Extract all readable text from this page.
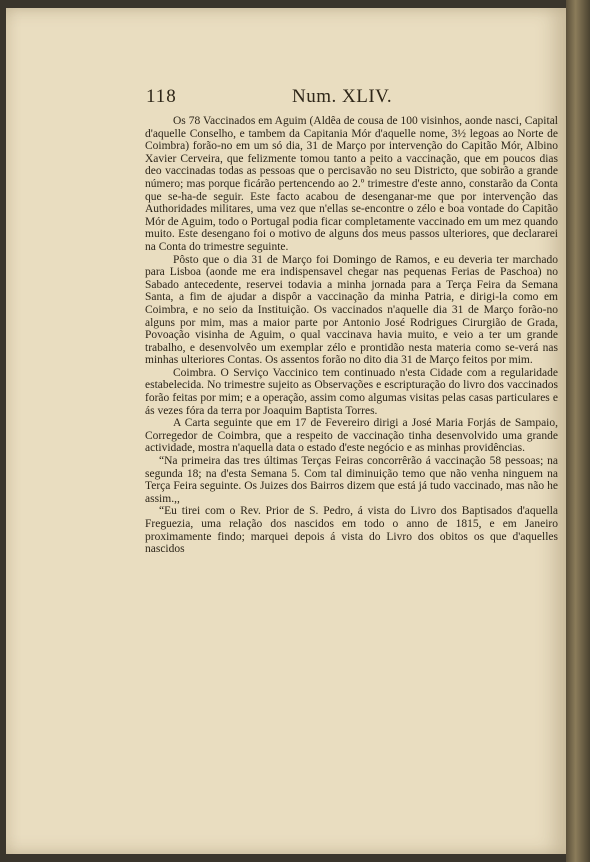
118	Num. XLIV.

Os 78 Vaccinados em Aguim (Aldêa de cousa de 100 visinhos, aonde nasci, Capital d'aquelle Conselho, e tambem da Capitania Mór d'aquelle nome, 3½ legoas ao Norte de Coimbra) forão-no em um só dia, 31 de Março por intervenção do Capitão Mór, Albino Xavier Cerveira, que felizmente tomou tanto a peito a vaccinação, que em poucos dias deo vaccinadas todas as pessoas que o percisavão no seu Districto, que sobirão a grande número; mas porque ficárão pertencendo ao 2.º trimestre d'este anno, constarão da Conta que se-ha-de seguir. Este facto acabou de desenganar-me que por intervenção das Authoridades militares, uma vez que n'ellas se-encontre o zélo e boa vontade do Capitão Mór de Aguim, todo o Portugal podia ficar completamente vaccinado em um mez quando muito. Este desengano foi o motivo de alguns dos meus passos ulteriores, que declararei na Conta do trimestre seguinte.

Pôsto que o dia 31 de Março foi Domingo de Ramos, e eu deveria ter marchado para Lisboa (aonde me era indispensavel chegar nas pequenas Ferias de Paschoa) no Sabado antecedente, reservei todavia a minha jornada para a Terça Feira da Semana Santa, a fim de ajudar a dispôr a vaccinação da minha Patria, e dirigi-la como em Coimbra, e no seio da Instituição. Os vaccinados n'aquelle dia 31 de Março forão-no alguns por mim, mas a maior parte por Antonio José Rodrigues Cirurgião de Grada, Povoação visinha de Aguim, o qual vaccinava havia muito, e veio a ter um grande trabalho, e desenvolvêo um exemplar zélo e prontidão nesta materia como se-verá nas minhas ulteriores Contas. Os assentos forão no dito dia 31 de Março feitos por mim.

Coimbra. O Serviço Vaccinico tem continuado n'esta Cidade com a regularidade estabelecida. No trimestre sujeito as Observações e escripturação do livro dos vaccinados forão feitas por mim; e a operação, assim como algumas visitas pelas casas particulares e ás vezes fóra da terra por Joaquim Baptista Torres.

A Carta seguinte que em 17 de Fevereiro dirigi a José Maria Forjás de Sampaio, Corregedor de Coimbra, que a respeito de vaccinação tinha desenvolvido uma grande actividade, mostra n'aquella data o estado d'este negócio e as minhas providências.

“ Na primeira das tres últimas Terças Feiras concorrêrão á vaccinação 58 pessoas; na segunda 18; na d'esta Semana 5. Com tal diminuição temo que não venha ninguem na Terça Feira seguinte. Os Juizes dos Bairros dizem que está já tudo vaccinado, mas não he assim.,,

“ Eu tirei com o Rev. Prior de S. Pedro, á vista do Livro dos Baptisados d'aquella Freguezia, uma relação dos nascidos em todo o anno de 1815, e em Janeiro proximamente findo; marquei depois á vista do Livro dos obitos os que d'aquelles nascidos
